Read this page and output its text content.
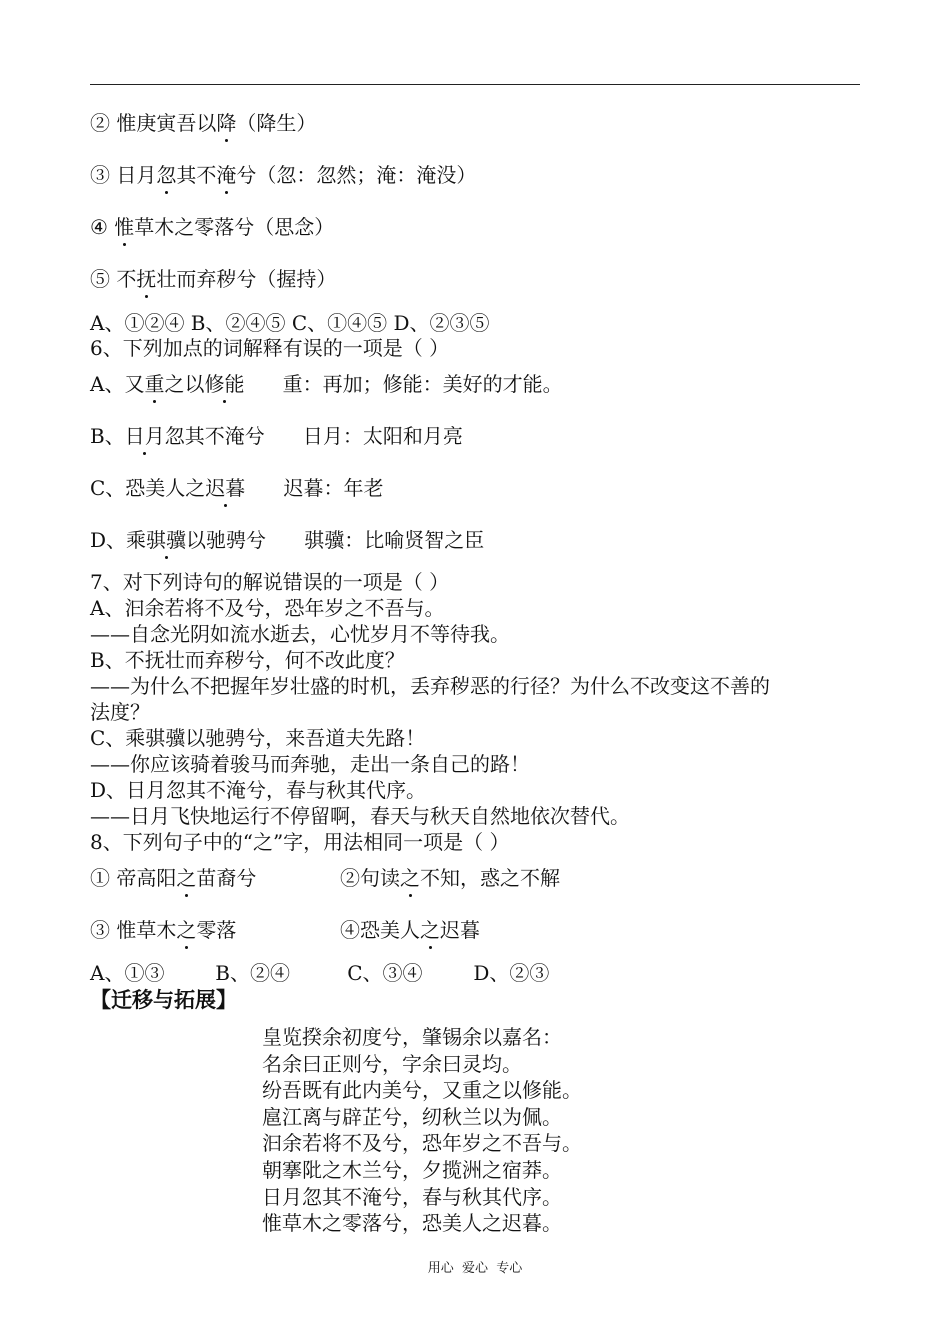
② 惟庚寅吾以降（降生）
③ 日月忽其不淹兮（忽：忽然；淹：淹没）
④ 惟草木之零落兮（思念）
⑤ 不抚壮而弃秽兮（握持）
A、①②④ B、②④⑤ C、①④⑤ D、②③⑤
6、下列加点的词解释有误的一项是（ ）
A、又重之以修能      重：再加；修能：美好的才能。
B、日月忽其不淹兮      日月：太阳和月亮
C、恐美人之迟暮      迟暮：年老
D、乘骐骥以驰骋兮      骐骥：比喻贤智之臣
7、对下列诗句的解说错误的一项是（ ）
A、汩余若将不及兮，恐年岁之不吾与。
——自念光阴如流水逝去，心忧岁月不等待我。
B、不抚壮而弃秽兮，何不改此度？
——为什么不把握年岁壮盛的时机，丢弃秽恶的行径？为什么不改变这不善的
法度？
C、乘骐骥以驰骋兮，来吾道夫先路！
——你应该骑着骏马而奔驰，走出一条自己的路！
D、日月忽其不淹兮，春与秋其代序。
——日月飞快地运行不停留啊，春天与秋天自然地依次替代。
8、下列句子中的“之”字，用法相同一项是（ ）
① 帝高阳之苗裔兮	②句读之不知，惑之不解
③ 惟草木之零落	④恐美人之迟暮
A、①③        B、②④         C、③④        D、②③
【迁移与拓展】
皇览揆余初度兮，肇锡余以嘉名：
名余曰正则兮，字余曰灵均。
纷吾既有此内美兮，又重之以修能。
扈江离与辟芷兮，纫秋兰以为佩。
汩余若将不及兮，恐年岁之不吾与。
朝搴阰之木兰兮，夕揽洲之宿莽。
日月忽其不淹兮，春与秋其代序。
惟草木之零落兮，恐美人之迟暮。
用心  爱心  专心
